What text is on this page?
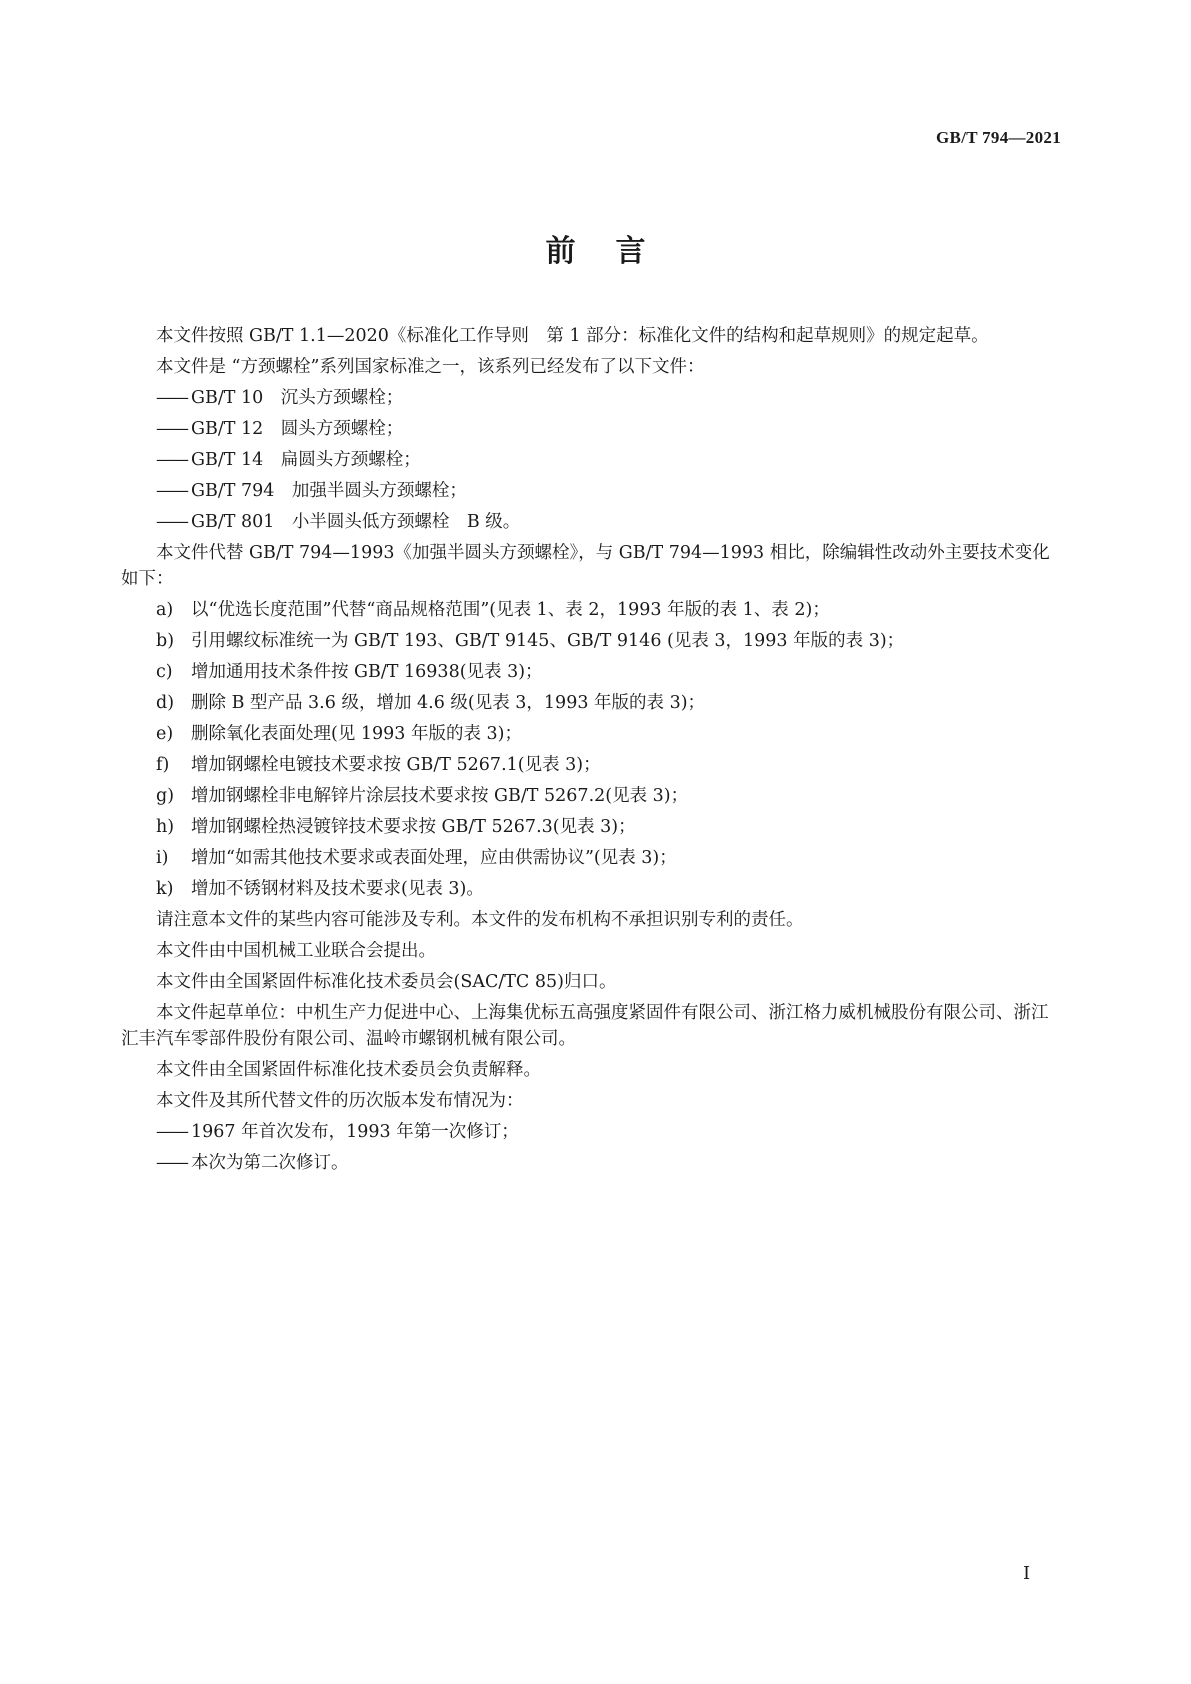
GB/T 794—2021
前言
本文件按照 GB/T 1.1—2020《标准化工作导则　第 1 部分：标准化文件的结构和起草规则》的规定起草。
本文件是 “方颈螺栓”系列国家标准之一，该系列已经发布了以下文件：
—— GB/T 10　沉头方颈螺栓；
—— GB/T 12　圆头方颈螺栓；
—— GB/T 14　扁圆头方颈螺栓；
—— GB/T 794　加强半圆头方颈螺栓；
—— GB/T 801　小半圆头低方颈螺栓　B 级。
本文件代替 GB/T 794—1993《加强半圆头方颈螺栓》，与 GB/T 794—1993 相比，除编辑性改动外主要技术变化如下：
a) 以“优选长度范围”代替“商品规格范围”(见表 1、表 2，1993 年版的表 1、表 2)；
b) 引用螺纹标准统一为 GB/T 193、GB/T 9145、GB/T 9146 (见表 3，1993 年版的表 3)；
c) 增加通用技术条件按 GB/T 16938(见表 3)；
d) 删除 B 型产品 3.6 级，增加 4.6 级(见表 3，1993 年版的表 3)；
e) 删除氧化表面处理(见 1993 年版的表 3)；
f) 增加钢螺栓电镀技术要求按 GB/T 5267.1(见表 3)；
g) 增加钢螺栓非电解锌片涂层技术要求按 GB/T 5267.2(见表 3)；
h) 增加钢螺栓热浸镀锌技术要求按 GB/T 5267.3(见表 3)；
i) 增加“如需其他技术要求或表面处理，应由供需协议”(见表 3)；
k) 增加不锈钢材料及技术要求(见表 3)。
请注意本文件的某些内容可能涉及专利。本文件的发布机构不承担识别专利的责任。
本文件由中国机械工业联合会提出。
本文件由全国紧固件标准化技术委员会(SAC/TC 85)归口。
本文件起草单位：中机生产力促进中心、上海集优标五高强度紧固件有限公司、浙江格力威机械股份有限公司、浙江汇丰汽车零部件股份有限公司、温岭市螺钢机械有限公司。
本文件由全国紧固件标准化技术委员会负责解释。
本文件及其所代替文件的历次版本发布情况为：
—— 1967 年首次发布，1993 年第一次修订；
—— 本次为第二次修订。
I
